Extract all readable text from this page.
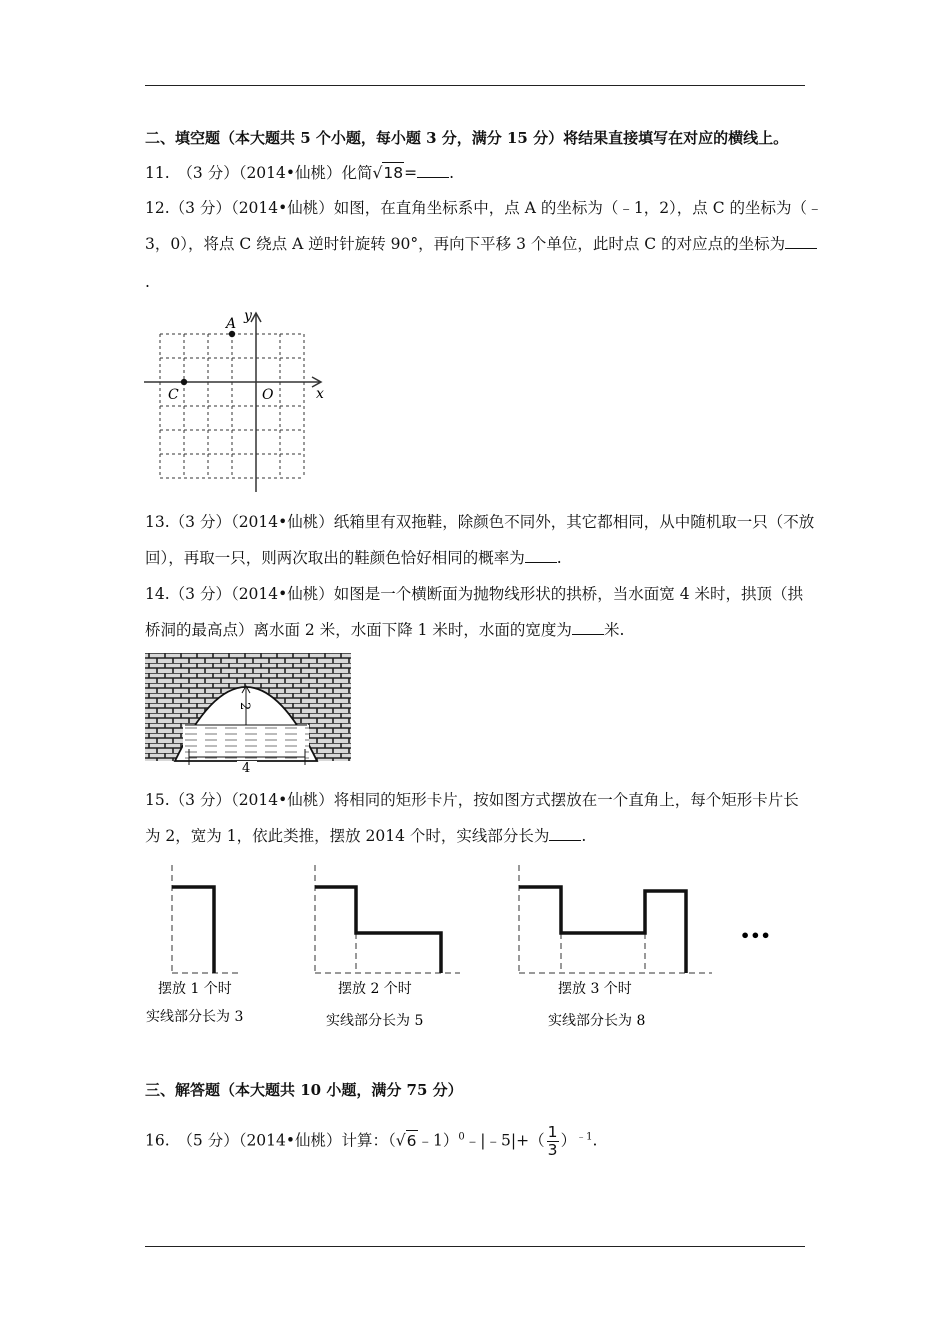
二、填空题（本大题共 5 个小题，每小题 3 分，满分 15 分）将结果直接填写在对应的横线上。
11.　（3 分）（2014•仙桃）化简√18= .
12.（3 分）（2014•仙桃）如图，在直角坐标系中，点 A 的坐标为（﹣1，2），点 C 的坐标为（﹣
3，0），将点 C 绕点 A 逆时针旋转 90°，再向下平移 3 个单位，此时点 C 的对应点的坐标为
.
A
C	O	x
y
13.（3 分）（2014•仙桃）纸箱里有双拖鞋，除颜色不同外，其它都相同，从中随机取一只（不放
回），再取一只，则两次取出的鞋颜色恰好相同的概率为 .
14.（3 分）（2014•仙桃）如图是一个横断面为抛物线形状的拱桥，当水面宽 4 米时，拱顶（拱
桥洞的最高点）离水面 2 米，水面下降 1 米时，水面的宽度为 米.
2
4
15.（3 分）（2014•仙桃）将相同的矩形卡片，按如图方式摆放在一个直角上，每个矩形卡片长
为 2，宽为 1，依此类推，摆放 2014 个时，实线部分长为 .
摆放 1 个时
实线部分长为 3
摆放 2 个时
实线部分长为 5
摆放 3 个时
实线部分长为 8
•••
三、解答题（本大题共 10 小题，满分 75 分）
16.　（5 分）（2014•仙桃）计算：（√6﹣1）$^0$﹣|﹣5|+（ $\frac{1}{3} )^{﹣1}$.
